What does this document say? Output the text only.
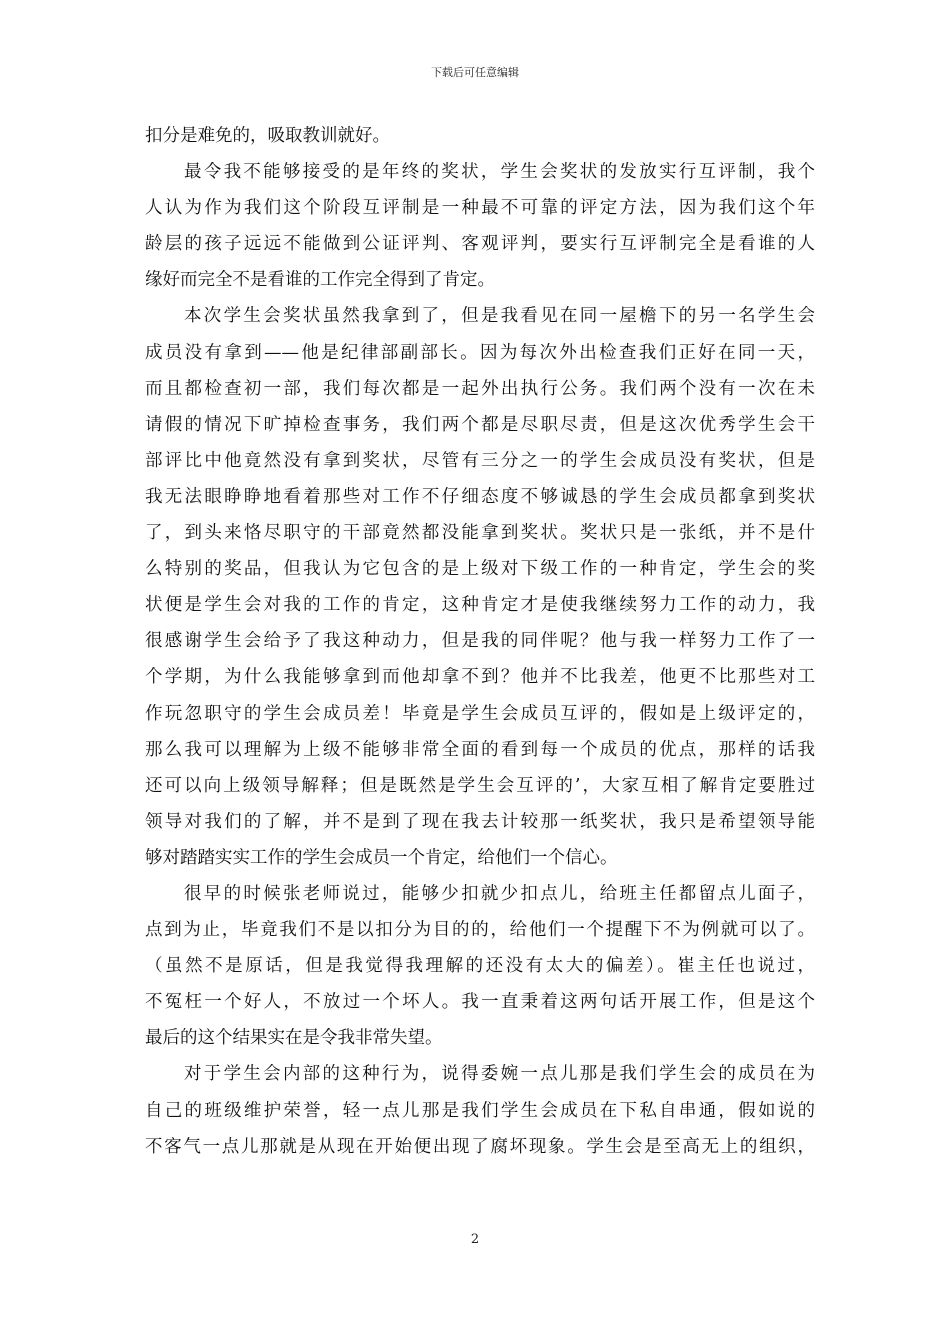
下载后可任意编辑
扣分是难免的，吸取教训就好。
最令我不能够接受的是年终的奖状，学生会奖状的发放实行互评制，我个
人认为作为我们这个阶段互评制是一种最不可靠的评定方法，因为我们这个年
龄层的孩子远远不能做到公证评判、客观评判，要实行互评制完全是看谁的人
缘好而完全不是看谁的工作完全得到了肯定。
本次学生会奖状虽然我拿到了，但是我看见在同一屋檐下的另一名学生会
成员没有拿到——他是纪律部副部长。因为每次外出检查我们正好在同一天，
而且都检查初一部，我们每次都是一起外出执行公务。我们两个没有一次在未
请假的情况下旷掉检查事务，我们两个都是尽职尽责，但是这次优秀学生会干
部评比中他竟然没有拿到奖状，尽管有三分之一的学生会成员没有奖状，但是
我无法眼睁睁地看着那些对工作不仔细态度不够诚恳的学生会成员都拿到奖状
了，到头来恪尽职守的干部竟然都没能拿到奖状。奖状只是一张纸，并不是什
么特别的奖品，但我认为它包含的是上级对下级工作的一种肯定，学生会的奖
状便是学生会对我的工作的肯定，这种肯定才是使我继续努力工作的动力，我
很感谢学生会给予了我这种动力，但是我的同伴呢？他与我一样努力工作了一
个学期，为什么我能够拿到而他却拿不到？他并不比我差，他更不比那些对工
作玩忽职守的学生会成员差！毕竟是学生会成员互评的，假如是上级评定的，
那么我可以理解为上级不能够非常全面的看到每一个成员的优点，那样的话我
还可以向上级领导解释；但是既然是学生会互评的’，大家互相了解肯定要胜过
领导对我们的了解，并不是到了现在我去计较那一纸奖状，我只是希望领导能
够对踏踏实实工作的学生会成员一个肯定，给他们一个信心。
很早的时候张老师说过，能够少扣就少扣点儿，给班主任都留点儿面子，
点到为止，毕竟我们不是以扣分为目的的，给他们一个提醒下不为例就可以了。
（虽然不是原话，但是我觉得我理解的还没有太大的偏差）。崔主任也说过，
不冤枉一个好人，不放过一个坏人。我一直秉着这两句话开展工作，但是这个
最后的这个结果实在是令我非常失望。
对于学生会内部的这种行为，说得委婉一点儿那是我们学生会的成员在为
自己的班级维护荣誉，轻一点儿那是我们学生会成员在下私自串通，假如说的
不客气一点儿那就是从现在开始便出现了腐坏现象。学生会是至高无上的组织，
2
